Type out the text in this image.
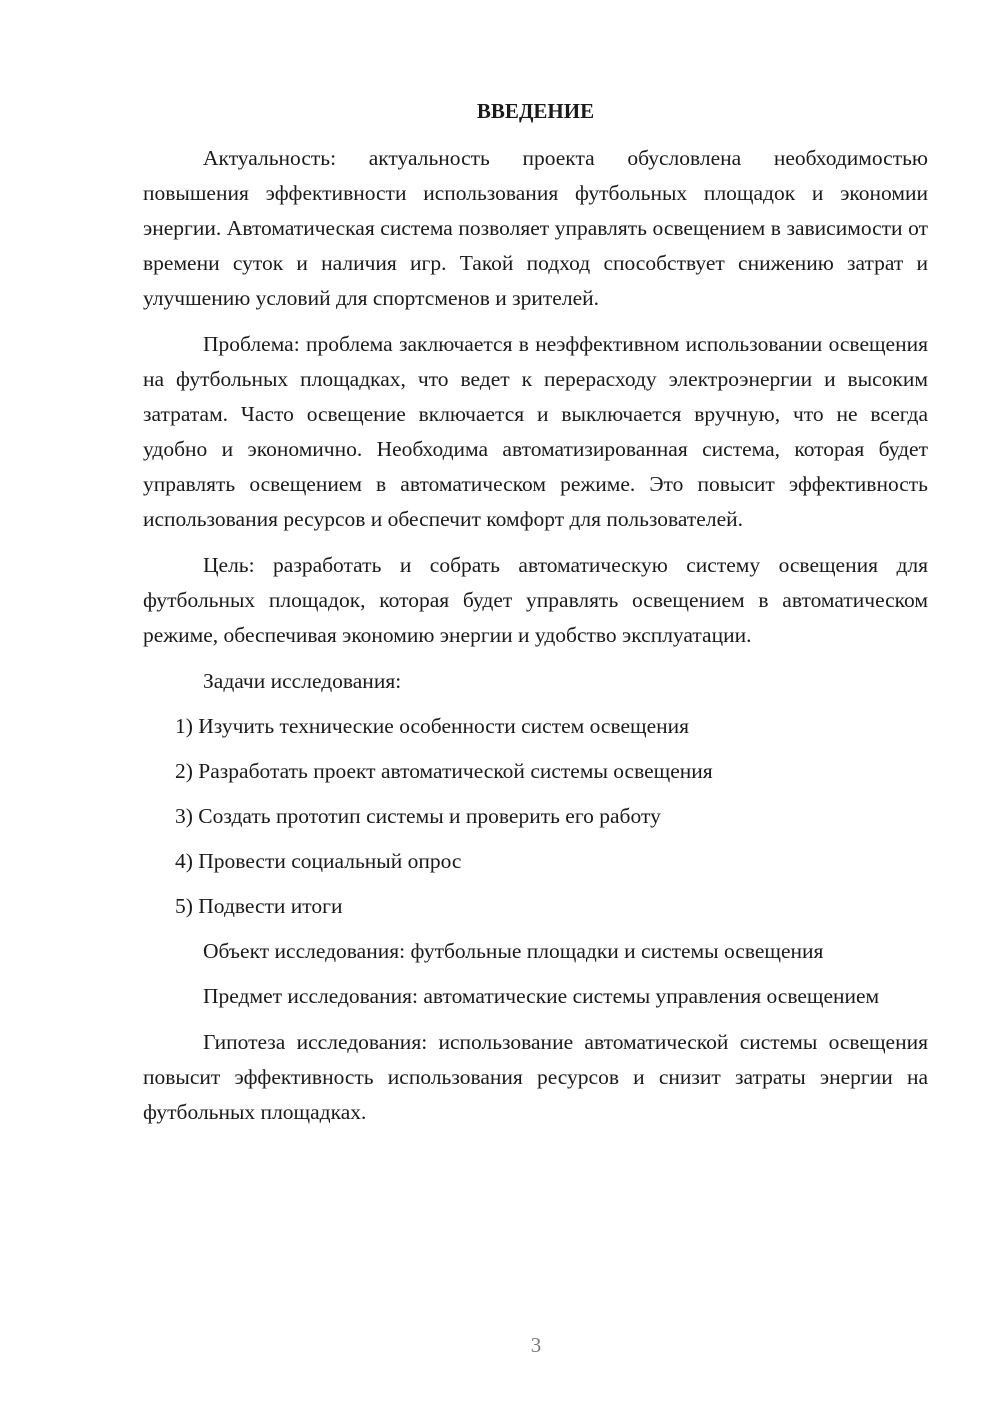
ВВЕДЕНИЕ

Актуальность: актуальность проекта обусловлена необходимостью повышения эффективности использования футбольных площадок и экономии энергии. Автоматическая система позволяет управлять освещением в зависимости от времени суток и наличия игр. Такой подход способствует снижению затрат и улучшению условий для спортсменов и зрителей.

Проблема: проблема заключается в неэффективном использовании освещения на футбольных площадках, что ведет к перерасходу электроэнергии и высоким затратам. Часто освещение включается и выключается вручную, что не всегда удобно и экономично. Необходима автоматизированная система, которая будет управлять освещением в автоматическом режиме. Это повысит эффективность использования ресурсов и обеспечит комфорт для пользователей.

Цель: разработать и собрать автоматическую систему освещения для футбольных площадок, которая будет управлять освещением в автоматическом режиме, обеспечивая экономию энергии и удобство эксплуатации.

Задачи исследования:

1) Изучить технические особенности систем освещения

2) Разработать проект автоматической системы освещения

3) Создать прототип системы и проверить его работу

4) Провести социальный опрос

5) Подвести итоги

Объект исследования: футбольные площадки и системы освещения

Предмет исследования: автоматические системы управления освещением

Гипотеза исследования: использование автоматической системы освещения повысит эффективность использования ресурсов и снизит затраты энергии на футбольных площадках.

3
